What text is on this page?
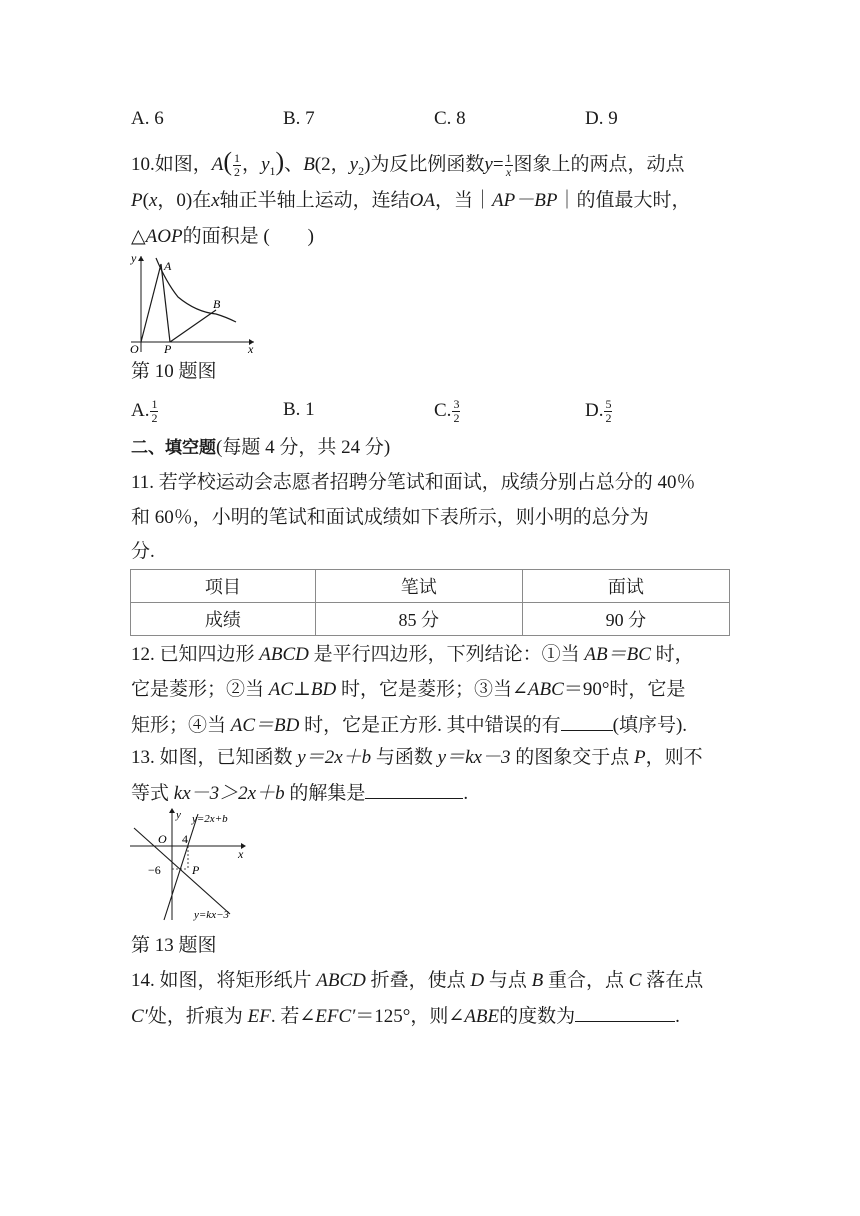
A. 6	B. 7	C. 8	D. 9
10.如图，$A( \frac{1}{2}$ ，$y_1$)、B(2，$y_2$)为反比例函数$y= \frac{1}{x}$图象上的两点，动点
P(x，0)在x轴正半轴上运动，连结OA，当｜AP－BP｜的值最大时，
△AOP的面积是 (　　)
y
A
B
O P	x
第 10 题图
A. $\frac{1}{2}$	B. 1	C. $\frac{3}{2}$	D. $\frac{5}{2}$
二、填空题(每题 4 分，共 24 分)
11. 若学校运动会志愿者招聘分笔试和面试，成绩分别占总分的 40％
和 60％，小明的笔试和面试成绩如下表所示，则小明的总分为
分.
项目	笔试	面试
成绩	85 分	90 分
12. 已知四边形 ABCD 是平行四边形，下列结论：①当 AB＝BC 时，
它是菱形；②当 AC⊥BD 时，它是菱形；③当∠ABC＝90°时，它是
矩形；④当 AC＝BD 时，它是正方形. 其中错误的有	(填序号).
13. 如图，已知函数 y＝2x＋b 与函数 y＝kx－3 的图象交于点 P，则不
等式 kx－3＞2x＋b 的解集是	.
y y=2x+b
O 4
x
−6	P
y=kx−3
第 13 题图
14. 如图，将矩形纸片 ABCD 折叠，使点 D 与点 B 重合，点 C 落在点
C′处，折痕为 EF. 若∠EFC′＝125°，则∠ABE的度数为	.
